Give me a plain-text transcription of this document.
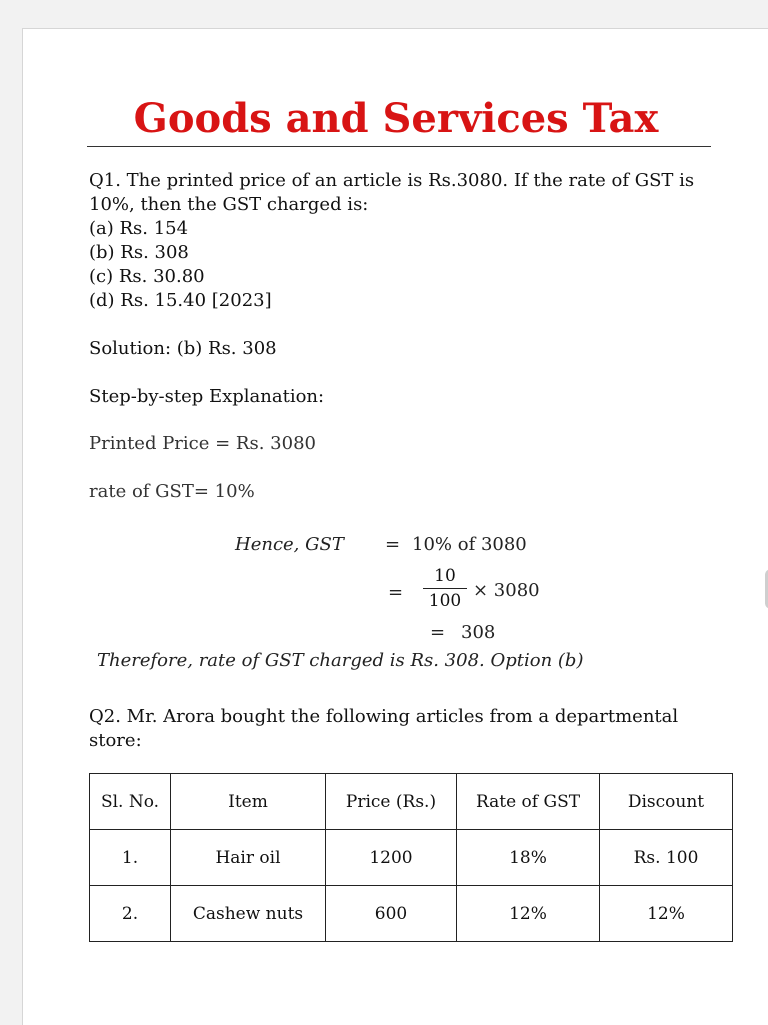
Goods and Services Tax
Q1. The printed price of an article is Rs.3080. If the rate of GST is
10%, then the GST charged is:
(a) Rs. 154
(b) Rs. 308
(c) Rs. 30.80
(d) Rs. 15.40 [2023]
Solution: (b) Rs. 308
Step-by-step Explanation:
Printed Price = Rs. 3080
rate of GST= 10%
Hence, GST = 10% of 3080
=
10
100 × 3080
= 308
Therefore, rate of GST charged is Rs. 308. Option (b)
Q2. Mr. Arora bought the following articles from a departmental
store:
Sl. No.	Item	Price (Rs.)	Rate of GST	Discount
1.	Hair oil	1200	18%	Rs. 100
2.	Cashew nuts	600	12%	12%
